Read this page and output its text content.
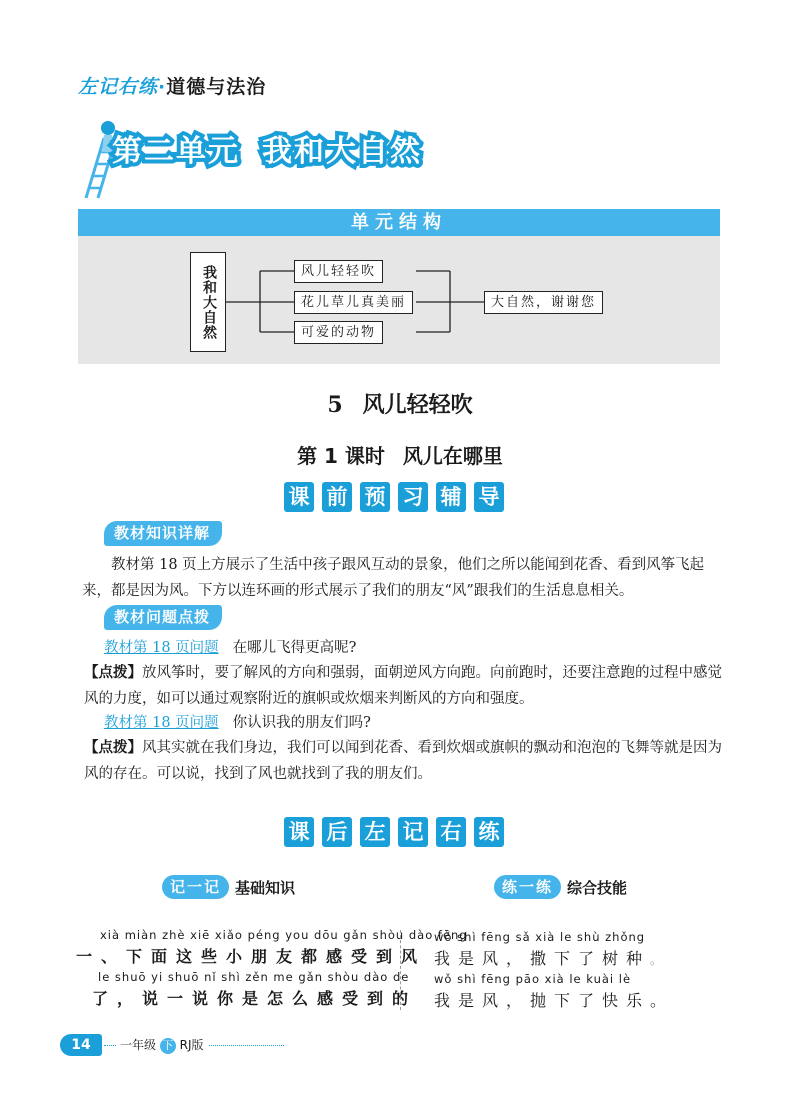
左记右练·道德与法治
第二单元 我和大自然
单元结构
我和大自然	风儿轻轻吹
花儿草儿真美丽
可爱的动物
大自然，谢谢您
5 风儿轻轻吹
第 1 课时 风儿在哪里
课 前 预 习 辅 导
教材知识详解
教材第 18 页上方展示了生活中孩子跟风互动的景象，他们之所以能闻到花香、看到风筝飞起来，都是因为风。下方以连环画的形式展示了我们的朋友“风”跟我们的生活息息相关。
教材问题点拨
教材第 18 页问题 在哪儿飞得更高呢?
【点拨】放风筝时，要了解风的方向和强弱，面朝逆风方向跑。向前跑时，还要注意跑的过程中感觉风的力度，如可以通过观察附近的旗帜或炊烟来判断风的方向和强度。
教材第 18 页问题 你认识我的朋友们吗?
【点拨】风其实就在我们身边，我们可以闻到花香、看到炊烟或旗帜的飘动和泡泡的飞舞等就是因为风的存在。可以说，找到了风也就找到了我的朋友们。
课 后 左 记 右 练
记一记 基础知识
xià miàn zhè xiē xiǎo péng you dōu gǎn shòu dào fēng
一、下面这些小朋友都感受到风
le shuō yi shuō nǐ shì zěn me gǎn shòu dào de
了，说一说你是怎么感受到的
练一练 综合技能
wǒ shì fēng sǎ xià le shù zhǒng
我是风，撒下了树种。
wǒ shì fēng pāo xià le kuài lè
我是风，抛下了快乐。
14	一年级 下 RJ版
